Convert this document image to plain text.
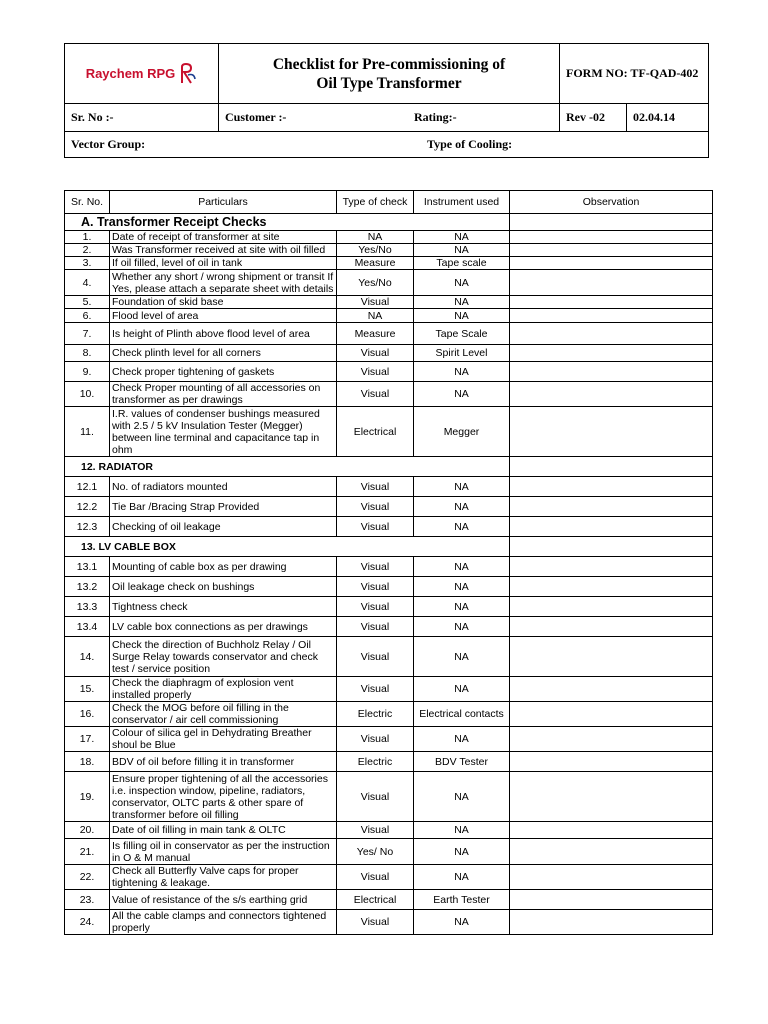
Raychem RPG	Checklist for Pre-commissioning of
Oil Type Transformer	FORM NO: TF-QAD-402	
Sr. No :-	Customer :- Rating:-	Rev -02	02.04.14
Vector Group: Type of Cooling:			
Sr. No.	Particulars	Type of check	Instrument used	Observation
A. Transformer Receipt Checks				
1.	Date of receipt of transformer at site	NA	NA	
2.	Was Transformer received at site with oil filled	Yes/No	NA	
3.	If oil filled, level of oil in tank	Measure	Tape scale	
4.	Whether any short / wrong shipment or transit If Yes, please attach a separate sheet with details	Yes/No	NA	
5.	Foundation of skid base	Visual	NA	
6.	Flood level of area	NA	NA	
7.	Is height of Plinth above flood level of area	Measure	Tape Scale	
8.	Check plinth level for all corners	Visual	Spirit Level	
9.	Check proper tightening of gaskets	Visual	NA	
10.	Check Proper mounting of all accessories on transformer as per drawings	Visual	NA	
11.	I.R. values of condenser bushings measured with 2.5 / 5 kV Insulation Tester (Megger) between line terminal and capacitance tap in ohm	Electrical	Megger	
12. RADIATOR				
12.1	No. of radiators mounted	Visual	NA	
12.2	Tie Bar /Bracing Strap Provided	Visual	NA	
12.3	Checking of oil leakage	Visual	NA	
13. LV CABLE BOX				
13.1	Mounting of cable box as per drawing	Visual	NA	
13.2	Oil leakage check on bushings	Visual	NA	
13.3	Tightness check	Visual	NA	
13.4	LV cable box connections as per drawings	Visual	NA	
14.	Check the direction of Buchholz Relay / Oil Surge Relay towards conservator and check test / service position	Visual	NA	
15.	Check the diaphragm of explosion vent installed properly	Visual	NA	
16.	Check the MOG before oil filling in the conservator / air cell commissioning	Electric	Electrical contacts	
17.	Colour of silica gel in Dehydrating Breather shoul be Blue	Visual	NA	
18.	BDV of oil before filling it in transformer	Electric	BDV Tester	
19.	Ensure proper tightening of all the accessories i.e. inspection window, pipeline, radiators, conservator, OLTC parts & other spare of transformer before oil filling	Visual	NA	
20.	Date of oil filling in main tank & OLTC	Visual	NA	
21.	Is filling oil in conservator as per the instruction in O & M manual	Yes/ No	NA	
22.	Check all Butterfly Valve caps for proper tightening & leakage.	Visual	NA	
23.	Value of resistance of the s/s earthing grid	Electrical	Earth Tester	
24.	All the cable clamps and connectors tightened properly	Visual	NA	
